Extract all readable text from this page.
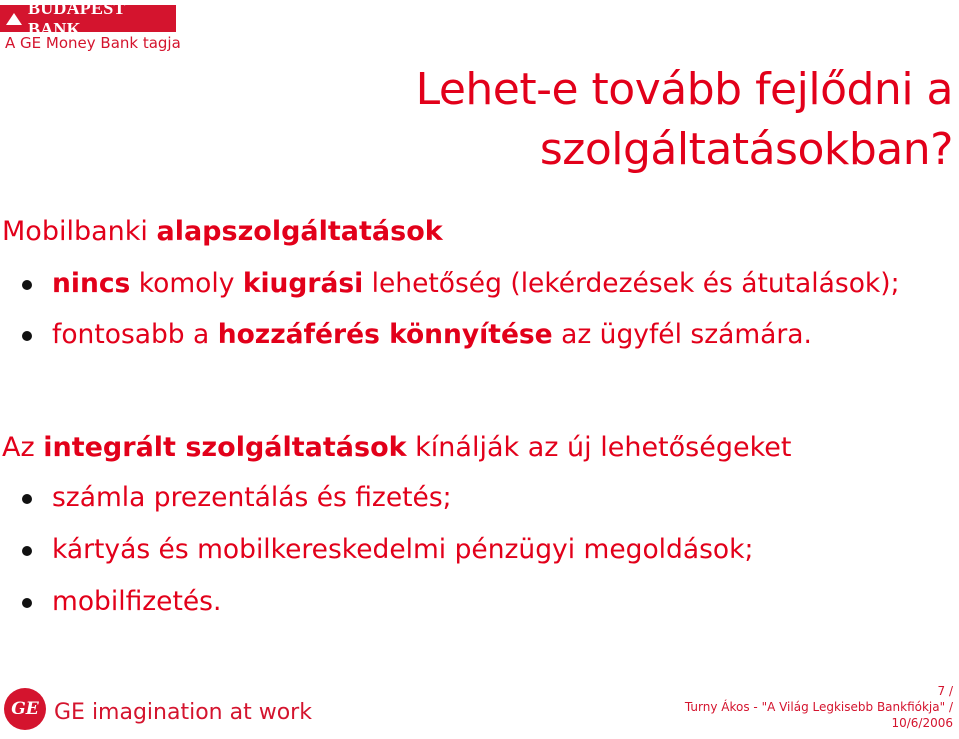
BUDAPEST BANK
A GE Money Bank tagja
Lehet-e tovább fejlődni a
szolgáltatásokban?
Mobilbanki alapszolgáltatások
nincs komoly kiugrási lehetőség (lekérdezések és átutalások);
fontosabb a hozzáférés könnyítése az ügyfél számára.
Az integrált szolgáltatások kínálják az új lehetőségeket
számla prezentálás és fizetés;
kártyás és mobilkereskedelmi pénzügyi megoldások;
mobilfizetés.
GE GE imagination at work
7 /
Turny Ákos - "A Világ Legkisebb Bankfiókja" /
10/6/2006
